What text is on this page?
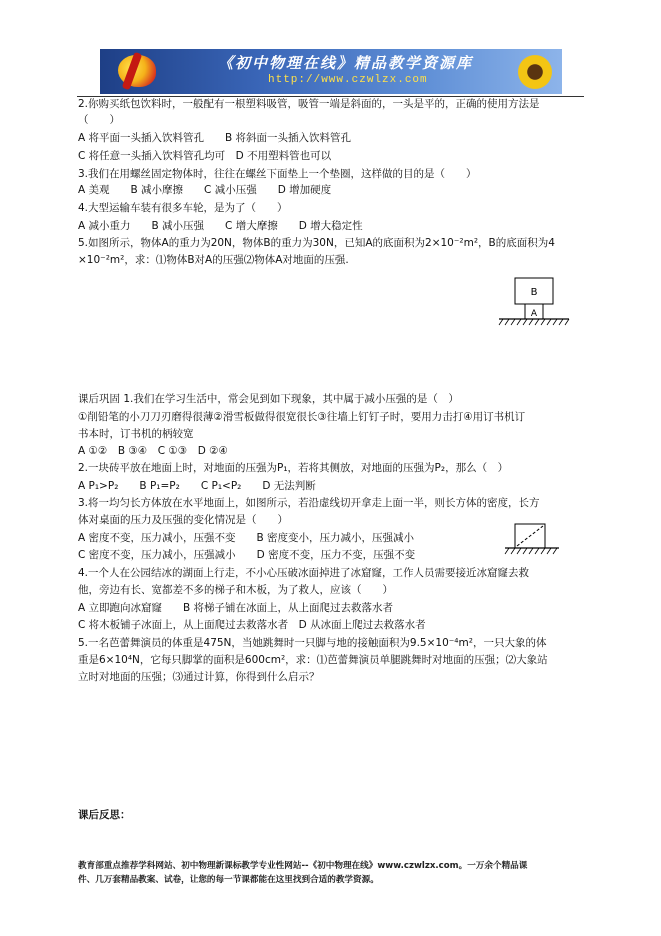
《初中物理在线》精品教学资源库
http://www.czwlzx.com
2.你购买纸包饮料时，一般配有一根塑料吸管，吸管一端是斜面的，一头是平的，正确的使用方法是
（　　）
A 将平面一头插入饮料管孔　　B 将斜面一头插入饮料管孔
C 将任意一头插入饮料管孔均可　D 不用塑料管也可以
3.我们在用螺丝固定物体时，往往在螺丝下面垫上一个垫圈，这样做的目的是（　　）
A 美观　　B 减小摩擦　　C 减小压强　　D 增加硬度
4.大型运输车装有很多车轮，是为了（　　）
A 减小重力　　B 减小压强　　C 增大摩擦　　D 增大稳定性
5.如图所示，物体A的重力为20N，物体B的重力为30N，已知A的底面积为2×10⁻²m²，B的底面积为4
×10⁻²m²，求：⑴物体B对A的压强⑵物体A对地面的压强.
B
A
课后巩固 1.我们在学习生活中，常会见到如下现象，其中属于减小压强的是（　）
①削铅笔的小刀刀刃磨得很薄②滑雪板做得很宽很长③往墙上钉钉子时，要用力击打④用订书机订
书本时，订书机的柄较宽
A ①②　B ③④　C ①③　D ②④
2.一块砖平放在地面上时，对地面的压强为P₁，若将其侧放，对地面的压强为P₂，那么（　）
A P₁>P₂　　B P₁=P₂　　C P₁<P₂　　D 无法判断
3.将一均匀长方体放在水平地面上，如图所示，若沿虚线切开拿走上面一半，则长方体的密度，长方
体对桌面的压力及压强的变化情况是（　　）
A 密度不变，压力减小，压强不变　　B 密度变小，压力减小，压强减小
C 密度不变，压力减小，压强减小　　D 密度不变，压力不变，压强不变
4.一个人在公园结冰的湖面上行走，不小心压破冰面掉进了冰窟窿，工作人员需要接近冰窟窿去救
他，旁边有长、宽都差不多的梯子和木板，为了救人，应该（　　）
A 立即跑向冰窟窿　　B 将梯子铺在冰面上，从上面爬过去救落水者
C 将木板铺子冰面上，从上面爬过去救落水者　D 从冰面上爬过去救落水者
5.一名芭蕾舞演员的体重是475N，当她跳舞时一只脚与地的接触面积为9.5×10⁻⁴m²，一只大象的体
重是6×10⁴N，它每只脚掌的面积是600cm²，求：⑴芭蕾舞演员单腿跳舞时对地面的压强；⑵大象站
立时对地面的压强；⑶通过计算，你得到什么启示？
课后反思：
教育部重点推荐学科网站、初中物理新课标教学专业性网站--《初中物理在线》www.czwlzx.com。一万余个精品课
件、几万套精品教案、试卷，让您的每一节课都能在这里找到合适的教学资源。
